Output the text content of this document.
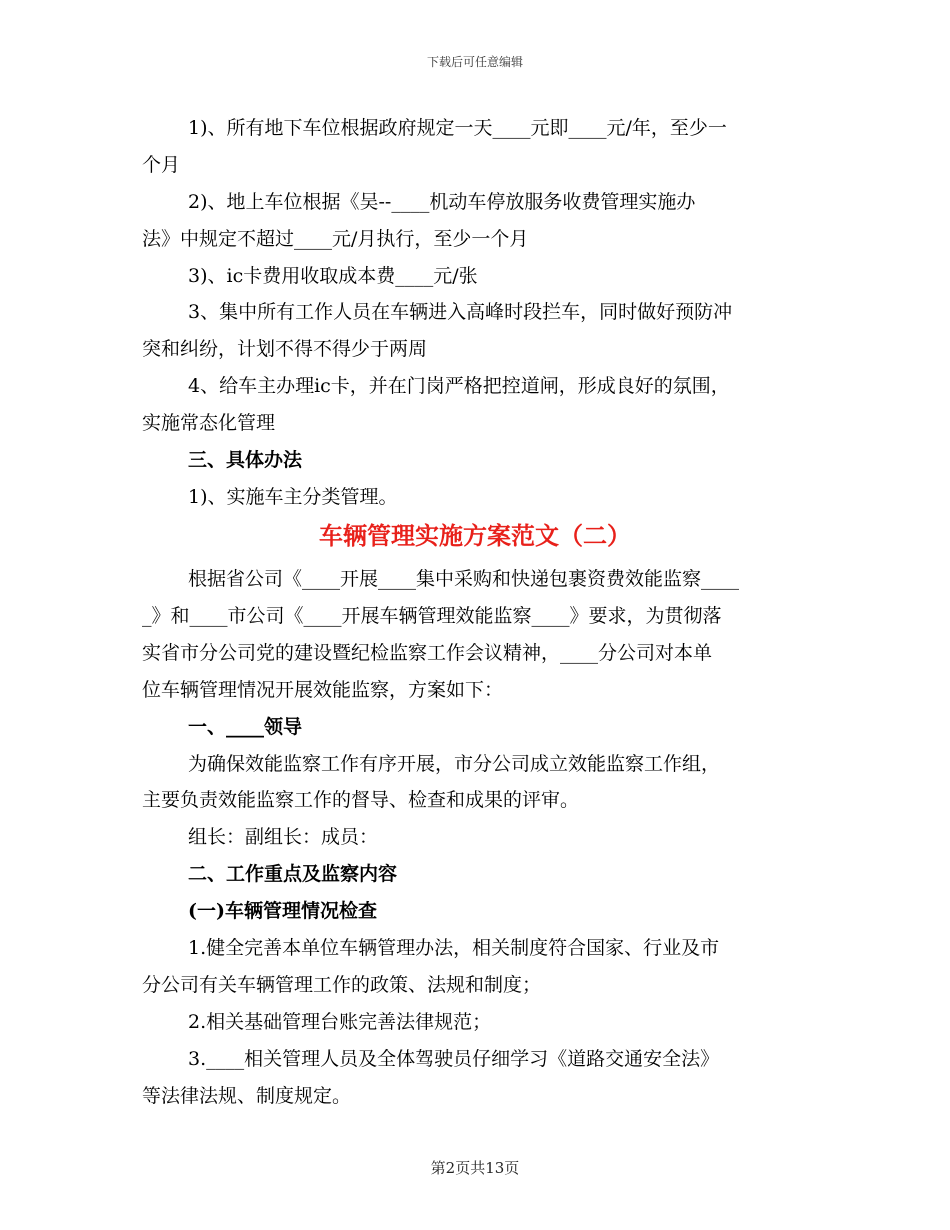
下载后可任意编辑
1)、所有地下车位根据政府规定一天____元即____元/年，至少一
个月
2)、地上车位根据《吴--____机动车停放服务收费管理实施办
法》中规定不超过____元/月执行，至少一个月
3)、ic卡费用收取成本费____元/张
3、集中所有工作人员在车辆进入高峰时段拦车，同时做好预防冲
突和纠纷，计划不得不得少于两周
4、给车主办理ic卡，并在门岗严格把控道闸，形成良好的氛围，
实施常态化管理
三、具体办法
1)、实施车主分类管理。
车辆管理实施方案范文（二）
根据省公司《____开展____集中采购和快递包裹资费效能监察____
_》和____市公司《____开展车辆管理效能监察____》要求，为贯彻落
实省市分公司党的建设暨纪检监察工作会议精神，____分公司对本单
位车辆管理情况开展效能监察，方案如下：
一、____领导
为确保效能监察工作有序开展，市分公司成立效能监察工作组，
主要负责效能监察工作的督导、检查和成果的评审。
组长：副组长：成员：
二、工作重点及监察内容
(一)车辆管理情况检查
1.健全完善本单位车辆管理办法，相关制度符合国家、行业及市
分公司有关车辆管理工作的政策、法规和制度；
2.相关基础管理台账完善法律规范；
3.____相关管理人员及全体驾驶员仔细学习《道路交通安全法》
等法律法规、制度规定。
第2页共13页
